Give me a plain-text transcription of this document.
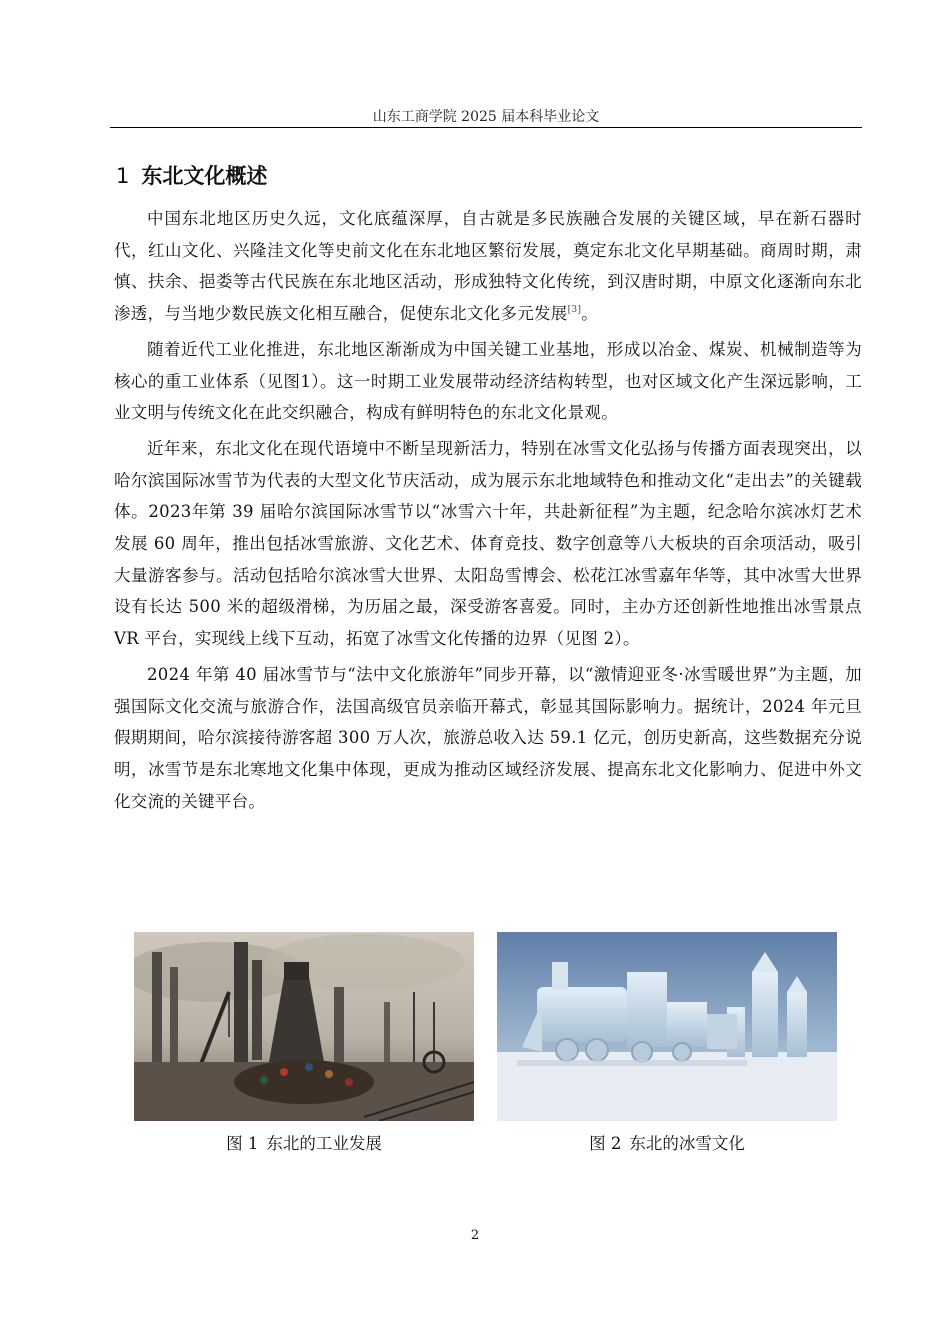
山东工商学院 2025 届本科毕业论文
1 东北文化概述

中国东北地区历史久远，文化底蕴深厚，自古就是多民族融合发展的关键区域，早在新石器时代，红山文化、兴隆洼文化等史前文化在东北地区繁衍发展，奠定东北文化早期基础。商周时期，肃慎、扶余、挹娄等古代民族在东北地区活动，形成独特文化传统，到汉唐时期，中原文化逐渐向东北渗透，与当地少数民族文化相互融合，促使东北文化多元发展[3]。

随着近代工业化推进，东北地区渐渐成为中国关键工业基地，形成以冶金、煤炭、机械制造等为核心的重工业体系（见图1）。这一时期工业发展带动经济结构转型，也对区域文化产生深远影响，工业文明与传统文化在此交织融合，构成有鲜明特色的东北文化景观。

近年来，东北文化在现代语境中不断呈现新活力，特别在冰雪文化弘扬与传播方面表现突出，以哈尔滨国际冰雪节为代表的大型文化节庆活动，成为展示东北地域特色和推动文化“走出去”的关键载体。2023年第 39 届哈尔滨国际冰雪节以“冰雪六十年，共赴新征程”为主题，纪念哈尔滨冰灯艺术发展 60 周年，推出包括冰雪旅游、文化艺术、体育竞技、数字创意等八大板块的百余项活动，吸引大量游客参与。活动包括哈尔滨冰雪大世界、太阳岛雪博会、松花江冰雪嘉年华等，其中冰雪大世界设有长达 500 米的超级滑梯，为历届之最，深受游客喜爱。同时，主办方还创新性地推出冰雪景点 VR 平台，实现线上线下互动，拓宽了冰雪文化传播的边界（见图 2）。

2024 年第 40 届冰雪节与“法中文化旅游年”同步开幕，以“激情迎亚冬·冰雪暖世界”为主题，加强国际文化交流与旅游合作，法国高级官员亲临开幕式，彰显其国际影响力。据统计，2024 年元旦假期期间，哈尔滨接待游客超 300 万人次，旅游总收入达 59.1 亿元，创历史新高，这些数据充分说明，冰雪节是东北寒地文化集中体现，更成为推动区域经济发展、提高东北文化影响力、促进中外文化交流的关键平台。

图 1 东北的工业发展	图 2 东北的冰雪文化
2
